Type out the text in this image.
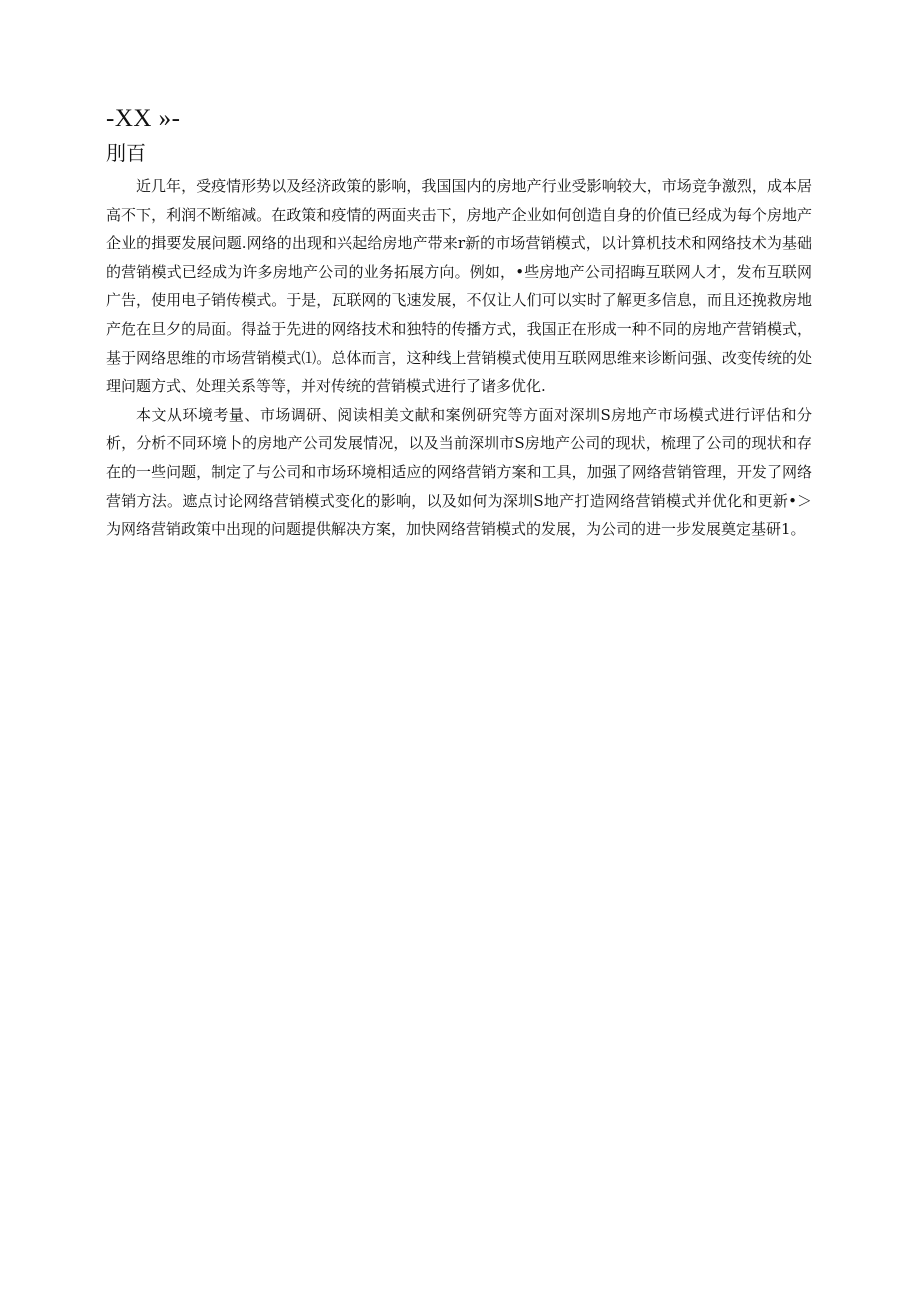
-XX »-
刖百

近几年，受疫情形势以及经济政策的影响，我国国内的房地产行业受影响较大，市场竞争激烈，成本居高不下，利润不断缩减。在政策和疫情的两面夹击下，房地产企业如何创造自身的价值已经成为每个房地产企业的揖要发展问题.网络的出现和兴起给房地产带来r新的市场营销模式，以计算机技术和网络技术为基础的营销模式已经成为许多房地产公司的业务拓展方向。例如，•些房地产公司招晦互联网人才，发布互联网广告，使用电子销传模式。于是，瓦联网的飞速发展，不仅让人们可以实时了解更多信息，而且还挽救房地产危在旦夕的局面。得益于先进的网络技术和独特的传播方式，我国正在形成一种不同的房地产营销模式，基于网络思维的市场营销模式⑴。总体而言，这种线上营销模式使用互联网思维来诊断问强、改变传统的处理问题方式、处理关系等等，并对传统的营销模式进行了诸多优化.

本文从环境考量、市场调研、阅读相美文献和案例研究等方面对深圳S房地产市场模式进行评估和分析，分析不同环境卜的房地产公司发展情况，以及当前深圳市S房地产公司的现状，梳理了公司的现状和存在的一些问题，制定了与公司和市场环境相适应的网络营销方案和工具，加强了网络营销管理，开发了网络营销方法。遮点讨论网络营销模式变化的影响，以及如何为深圳S地产打造网络营销模式并优化和更新•＞为网络营销政策中出现的问题提供解决方案，加快网络营销模式的发展，为公司的进一步发展奠定基研1。
